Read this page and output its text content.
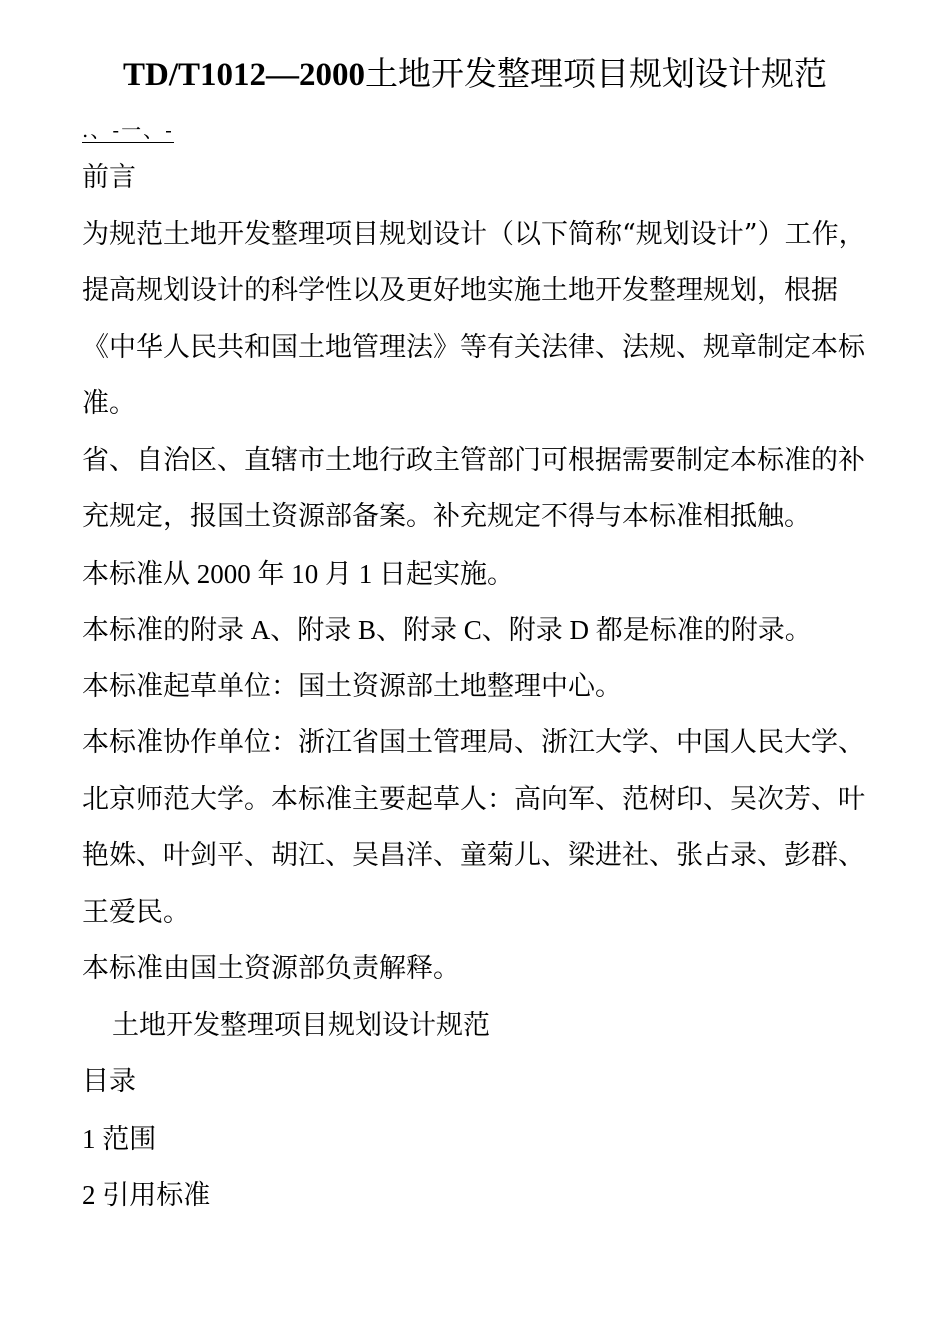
TD/T1012—2000土地开发整理项目规划设计规范
.、‑一、‑

前言

为规范土地开发整理项目规划设计（以下简称“规划设计”）工作，提高规划设计的科学性以及更好地实施土地开发整理规划，根据《中华人民共和国土地管理法》等有关法律、法规、规章制定本标准。

省、自治区、直辖市土地行政主管部门可根据需要制定本标准的补充规定，报国土资源部备案。补充规定不得与本标准相抵触。

本标准从 2000 年 10 月 1 日起实施。

本标准的附录 A、附录 B、附录 C、附录 D 都是标准的附录。

本标准起草单位：国土资源部土地整理中心。

本标准协作单位：浙江省国土管理局、浙江大学、中国人民大学、北京师范大学。本标准主要起草人：高向军、范树印、吴次芳、叶艳姝、叶剑平、胡江、吴昌洋、童菊儿、梁进社、张占录、彭群、王爱民。

本标准由国土资源部负责解释。

土地开发整理项目规划设计规范

目录

1 范围

2 引用标准
